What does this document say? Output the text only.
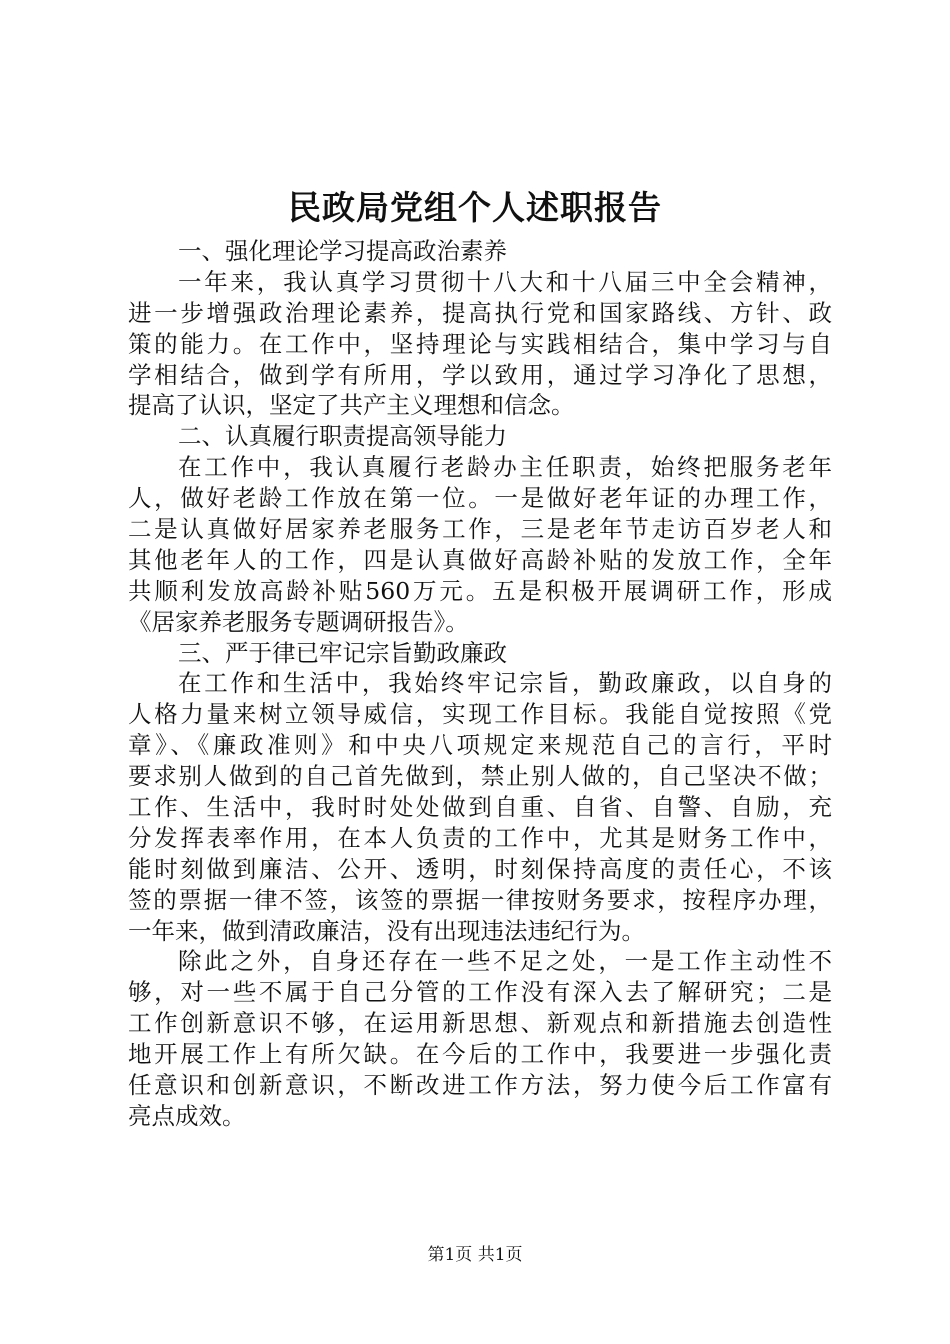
民政局党组个人述职报告
一、强化理论学习提高政治素养
一年来，我认真学习贯彻十八大和十八届三中全会精神，
进一步增强政治理论素养，提高执行党和国家路线、方针、政
策的能力。在工作中，坚持理论与实践相结合，集中学习与自
学相结合，做到学有所用，学以致用，通过学习净化了思想，
提高了认识，坚定了共产主义理想和信念。
二、认真履行职责提高领导能力
在工作中，我认真履行老龄办主任职责，始终把服务老年
人，做好老龄工作放在第一位。一是做好老年证的办理工作，
二是认真做好居家养老服务工作，三是老年节走访百岁老人和
其他老年人的工作，四是认真做好高龄补贴的发放工作，全年
共顺利发放高龄补贴560万元。五是积极开展调研工作，形成
《居家养老服务专题调研报告》。
三、严于律已牢记宗旨勤政廉政
在工作和生活中，我始终牢记宗旨，勤政廉政，以自身的
人格力量来树立领导威信，实现工作目标。我能自觉按照《党
章》、《廉政准则》和中央八项规定来规范自己的言行，平时
要求别人做到的自己首先做到，禁止别人做的，自己坚决不做；
工作、生活中，我时时处处做到自重、自省、自警、自励，充
分发挥表率作用，在本人负责的工作中，尤其是财务工作中，
能时刻做到廉洁、公开、透明，时刻保持高度的责任心，不该
签的票据一律不签，该签的票据一律按财务要求，按程序办理，
一年来，做到清政廉洁，没有出现违法违纪行为。
除此之外，自身还存在一些不足之处，一是工作主动性不
够，对一些不属于自己分管的工作没有深入去了解研究；二是
工作创新意识不够，在运用新思想、新观点和新措施去创造性
地开展工作上有所欠缺。在今后的工作中，我要进一步强化责
任意识和创新意识，不断改进工作方法，努力使今后工作富有
亮点成效。
第1页 共1页
